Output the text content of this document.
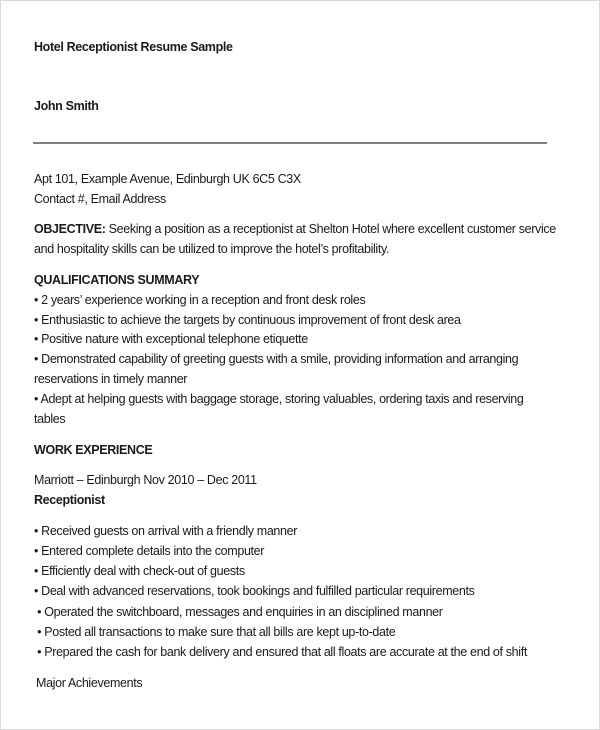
Hotel Receptionist Resume Sample
John Smith
Apt 101, Example Avenue, Edinburgh UK 6C5 C3X
Contact #, Email Address
OBJECTIVE: Seeking a position as a receptionist at Shelton Hotel where excellent customer service
and hospitality skills can be utilized to improve the hotel’s profitability.
QUALIFICATIONS SUMMARY
• 2 years’ experience working in a reception and front desk roles
• Enthusiastic to achieve the targets by continuous improvement of front desk area
• Positive nature with exceptional telephone etiquette
• Demonstrated capability of greeting guests with a smile, providing information and arranging
reservations in timely manner
• Adept at helping guests with baggage storage, storing valuables, ordering taxis and reserving
tables
WORK EXPERIENCE
Marriott – Edinburgh Nov 2010 – Dec 2011
Receptionist
• Received guests on arrival with a friendly manner
• Entered complete details into the computer
• Efficiently deal with check-out of guests
• Deal with advanced reservations, took bookings and fulfilled particular requirements
• Operated the switchboard, messages and enquiries in an disciplined manner
• Posted all transactions to make sure that all bills are kept up-to-date
• Prepared the cash for bank delivery and ensured that all floats are accurate at the end of shift
Major Achievements
